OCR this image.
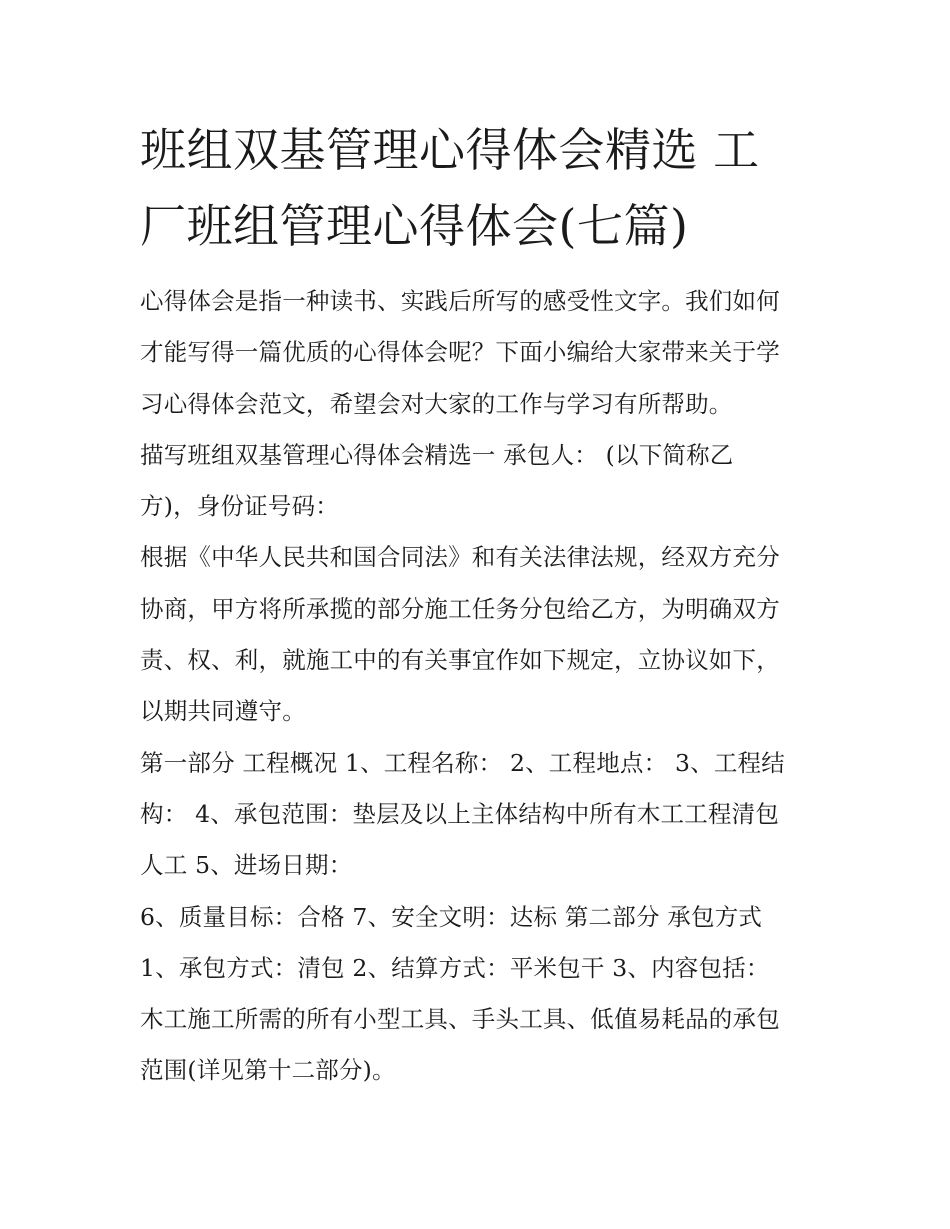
班组双基管理心得体会精选 工
厂班组管理心得体会(七篇)
心得体会是指一种读书、实践后所写的感受性文字。我们如何
才能写得一篇优质的心得体会呢？下面小编给大家带来关于学
习心得体会范文，希望会对大家的工作与学习有所帮助。
描写班组双基管理心得体会精选一 承包人： (以下简称乙
方)，身份证号码：
根据《中华人民共和国合同法》和有关法律法规，经双方充分
协商，甲方将所承揽的部分施工任务分包给乙方，为明确双方
责、权、利，就施工中的有关事宜作如下规定，立协议如下，
以期共同遵守。
第一部分 工程概况 1、工程名称： 2、工程地点： 3、工程结
构： 4、承包范围：垫层及以上主体结构中所有木工工程清包
人工 5、进场日期：
6、质量目标：合格 7、安全文明：达标 第二部分 承包方式
1、承包方式：清包 2、结算方式：平米包干 3、内容包括：
木工施工所需的所有小型工具、手头工具、低值易耗品的承包
范围(详见第十二部分)。
